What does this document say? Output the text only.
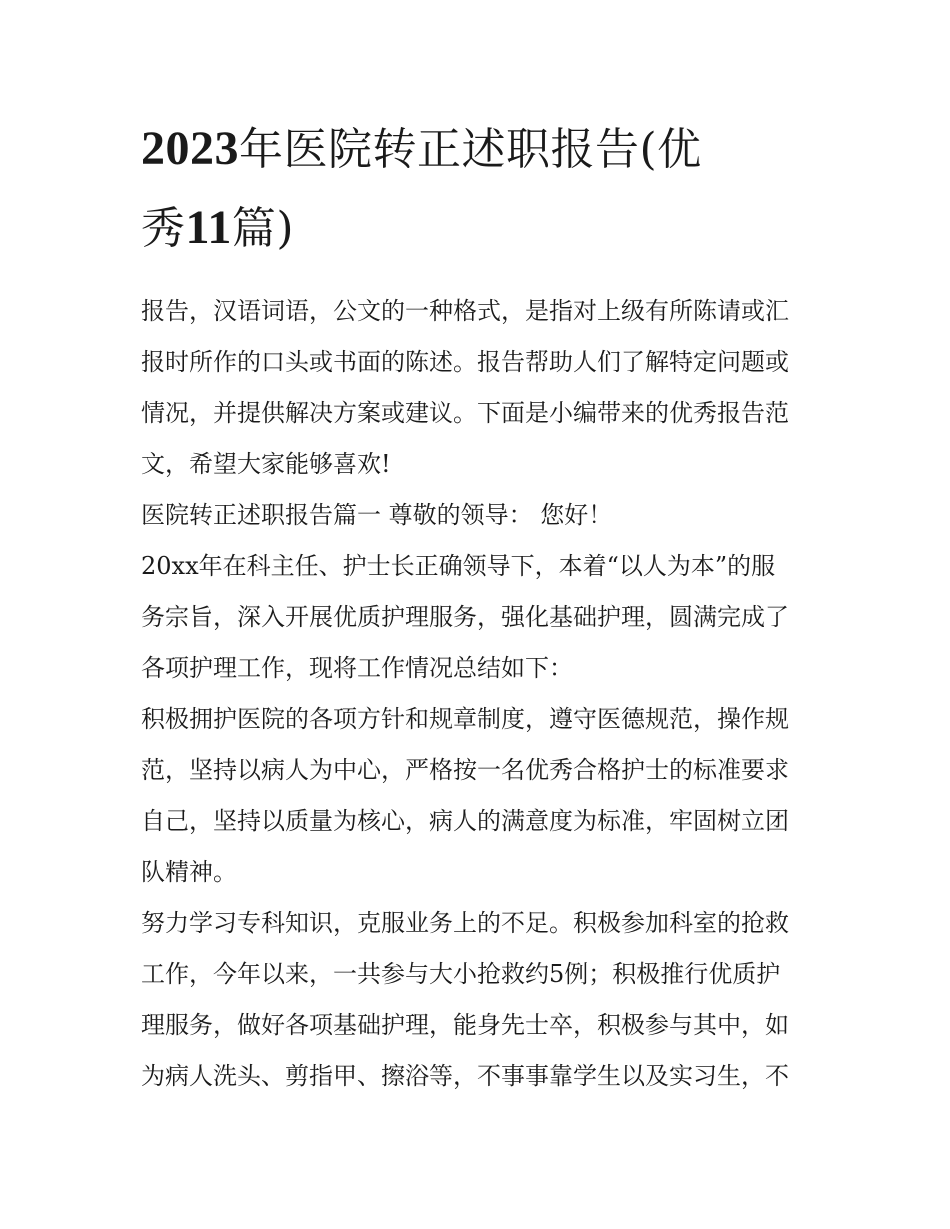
2023年医院转正述职报告(优
秀11篇)

报告，汉语词语，公文的一种格式，是指对上级有所陈请或汇
报时所作的口头或书面的陈述。报告帮助人们了解特定问题或
情况，并提供解决方案或建议。下面是小编带来的优秀报告范
文，希望大家能够喜欢!

医院转正述职报告篇一 尊敬的领导： 您好！

20xx年在科主任、护士长正确领导下，本着“以人为本”的服
务宗旨，深入开展优质护理服务，强化基础护理，圆满完成了
各项护理工作，现将工作情况总结如下：

积极拥护医院的各项方针和规章制度，遵守医德规范，操作规
范，坚持以病人为中心，严格按一名优秀合格护士的标准要求
自己，坚持以质量为核心，病人的满意度为标准，牢固树立团
队精神。

努力学习专科知识，克服业务上的不足。积极参加科室的抢救
工作，今年以来，一共参与大小抢救约5例；积极推行优质护
理服务，做好各项基础护理，能身先士卒，积极参与其中，如
为病人洗头、剪指甲、擦浴等，不事事靠学生以及实习生，不
